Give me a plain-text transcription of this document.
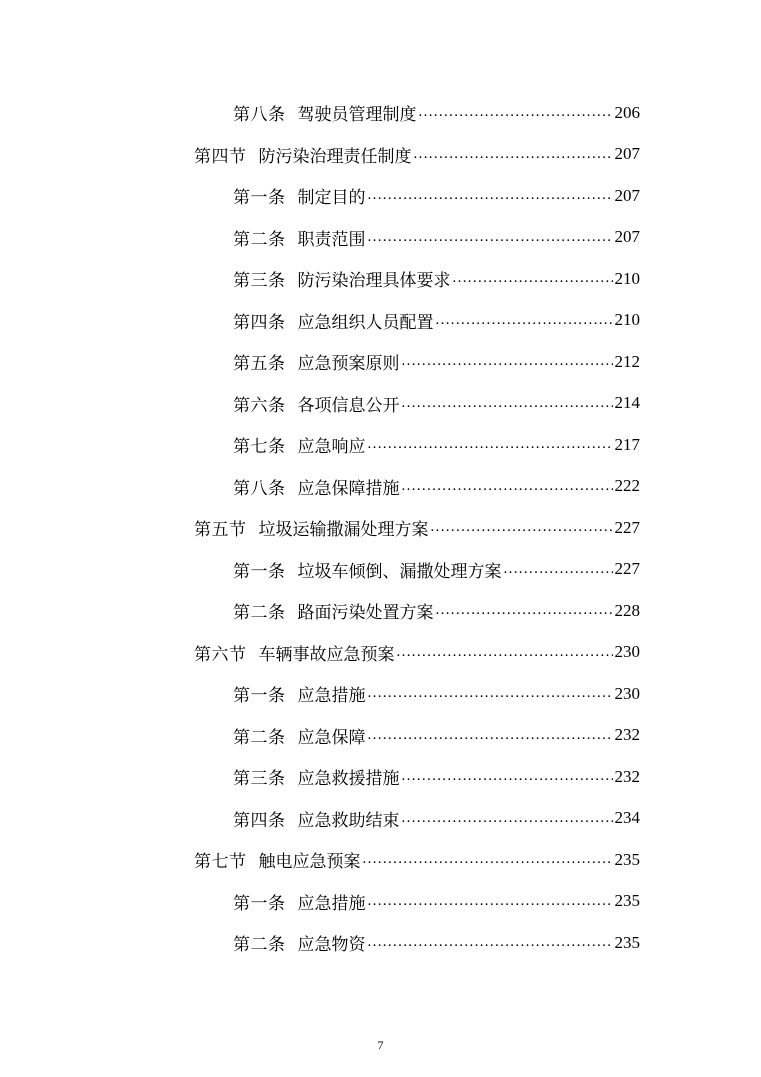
第八条 驾驶员管理制度 . . .	206
第四节 防污染治理责任制度 . . .	207
第一条 制定目的 . . .	207
第二条 职责范围 . . .	207
第三条 防污染治理具体要求 . . .	210
第四条 应急组织人员配置 . . .	210
第五条 应急预案原则 . . .	212
第六条 各项信息公开 . . .	214
第七条 应急响应 . . .	217
第八条 应急保障措施 . . .	222
第五节 垃圾运输撒漏处理方案 . . .	227
第一条 垃圾车倾倒、漏撒处理方案 . . .	227
第二条 路面污染处置方案 . . .	228
第六节 车辆事故应急预案 . . .	230
第一条 应急措施 . . .	230
第二条 应急保障 . . .	232
第三条 应急救援措施 . . .	232
第四条 应急救助结束 . . .	234
第七节 触电应急预案 . . .	235
第一条 应急措施 . . .	235
第二条 应急物资 . . .	235
7
